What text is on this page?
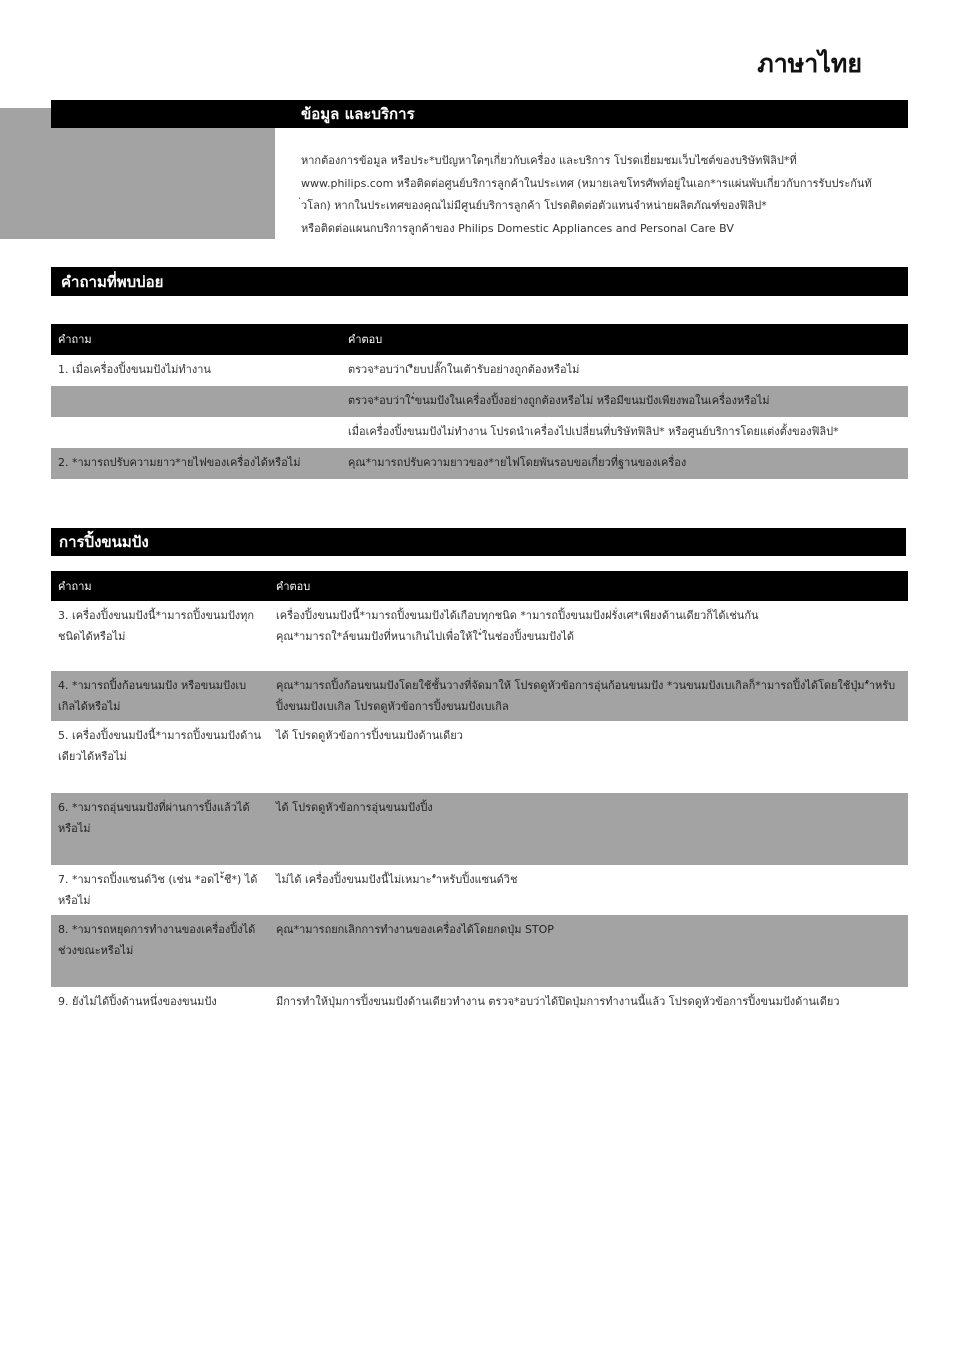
ภาษาไทย
ข้อมูล และบริการ
หากต้องการข้อมูล หรือประ*บปัญหาใดๆเกี่ยวกับเครื่อง และบริการ โปรดเยี่ยมชมเว็บไซต์ของบริษัทฟิลิป*ที่
www.philips.com หรือติดต่อศูนย์บริการลูกค้าในประเทศ (หมายเลขโทรศัพท์อยู่ในเอก*ารแผ่นพับเกี่ยวกับการรับประกันทั
่วโลก) หากในประเทศของคุณไม่มีศูนย์บริการลูกค้า โปรดติดต่อตัวแทนจำหน่ายผลิตภัณฑ์ของฟิลิป*
หรือติดต่อแผนกบริการลูกค้าของ Philips Domestic Appliances and Personal Care BV
คำถามที่พบบ่อย
คำถาม	คำตอบ
1. เมื่อเครื่องปิ้งขนมปังไม่ทำงาน	ตรวจ*อบว่าเ*ียบปลั๊กในเต้ารับอย่างถูกต้องหรือไม่
	ตรวจ*อบว่าใ*่ขนมปังในเครื่องปิ้งอย่างถูกต้องหรือไม่ หรือมีขนมปังเพียงพอในเครื่องหรือไม่
	เมื่อเครื่องปิ้งขนมปังไม่ทำงาน โปรดนำเครื่องไปเปลี่ยนที่บริษัทฟิลิป* หรือศูนย์บริการโดยแต่งตั้งของฟิลิป*
2. *ามารถปรับความยาว*ายไฟของเครื่องได้หรือไม่	คุณ*ามารถปรับความยาวของ*ายไฟโดยพันรอบขอเกี่ยวที่ฐานของเครื่อง
การปิ้งขนมปัง
คำถาม	คำตอบ
3. เครื่องปิ้งขนมปังนี้*ามารถปิ้งขนมปังทุกชนิดได้หรือไม่	เครื่องปิ้งขนมปังนี้*ามารถปิ้งขนมปังได้เกือบทุกชนิด *ามารถปิ้งขนมปังฝรั่งเศ*เพียงด้านเดียวก็ได้เช่นกัน
คุณ*ามารถใ*ล์ขนมปังที่หนาเกินไปเพื่อให้ใ*่ในช่องปิ้งขนมปังได้

4. *ามารถปิ้งก้อนขนมปัง หรือขนมปังเบเกิลได้หรือไม่	คุณ*ามารถปิ้งก้อนขนมปังโดยใช้ชั้นวางที่จัดมาให้ โปรดดูหัวข้อการอุ่นก้อนขนมปัง *วนขนมปังเบเกิลก็*ามารถปิ้งได้โดยใช้ปุ่ม*ำหรับปิ้งขนมปังเบเกิล โปรดดูหัวข้อการปิ้งขนมปังเบเกิล
5. เครื่องปิ้งขนมปังนี้*ามารถปิ้งขนมปังด้านเดียวได้หรือไม่	ได้ โปรดดูหัวข้อการปิ้งขนมปังด้านเดียว
6. *ามารถอุ่นขนมปังที่ผ่านการปิ้งแล้วได้หรือไม่	ได้ โปรดดูหัวข้อการอุ่นขนมปังปิ้ง
7. *ามารถปิ้งแซนด์วิช (เช่น *อดไ*้ชี*) ได้หรือไม่	ไม่ได้ เครื่องปิ้งขนมปังนี้ไม่เหมาะ*ำหรับปิ้งแซนด์วิช
8. *ามารถหยุดการทำงานของเครื่องปิ้งได้ช่วงขณะหรือไม่	คุณ*ามารถยกเลิกการทำงานของเครื่องได้โดยกดปุ่ม STOP
9. ยังไม่ได้ปิ้งด้านหนึ่งของขนมปัง	มีการทำให้ปุ่มการปิ้งขนมปังด้านเดียวทำงาน ตรวจ*อบว่าได้ปิดปุ่มการทำงานนี้แล้ว โปรดดูหัวข้อการปิ้งขนมปังด้านเดียว
